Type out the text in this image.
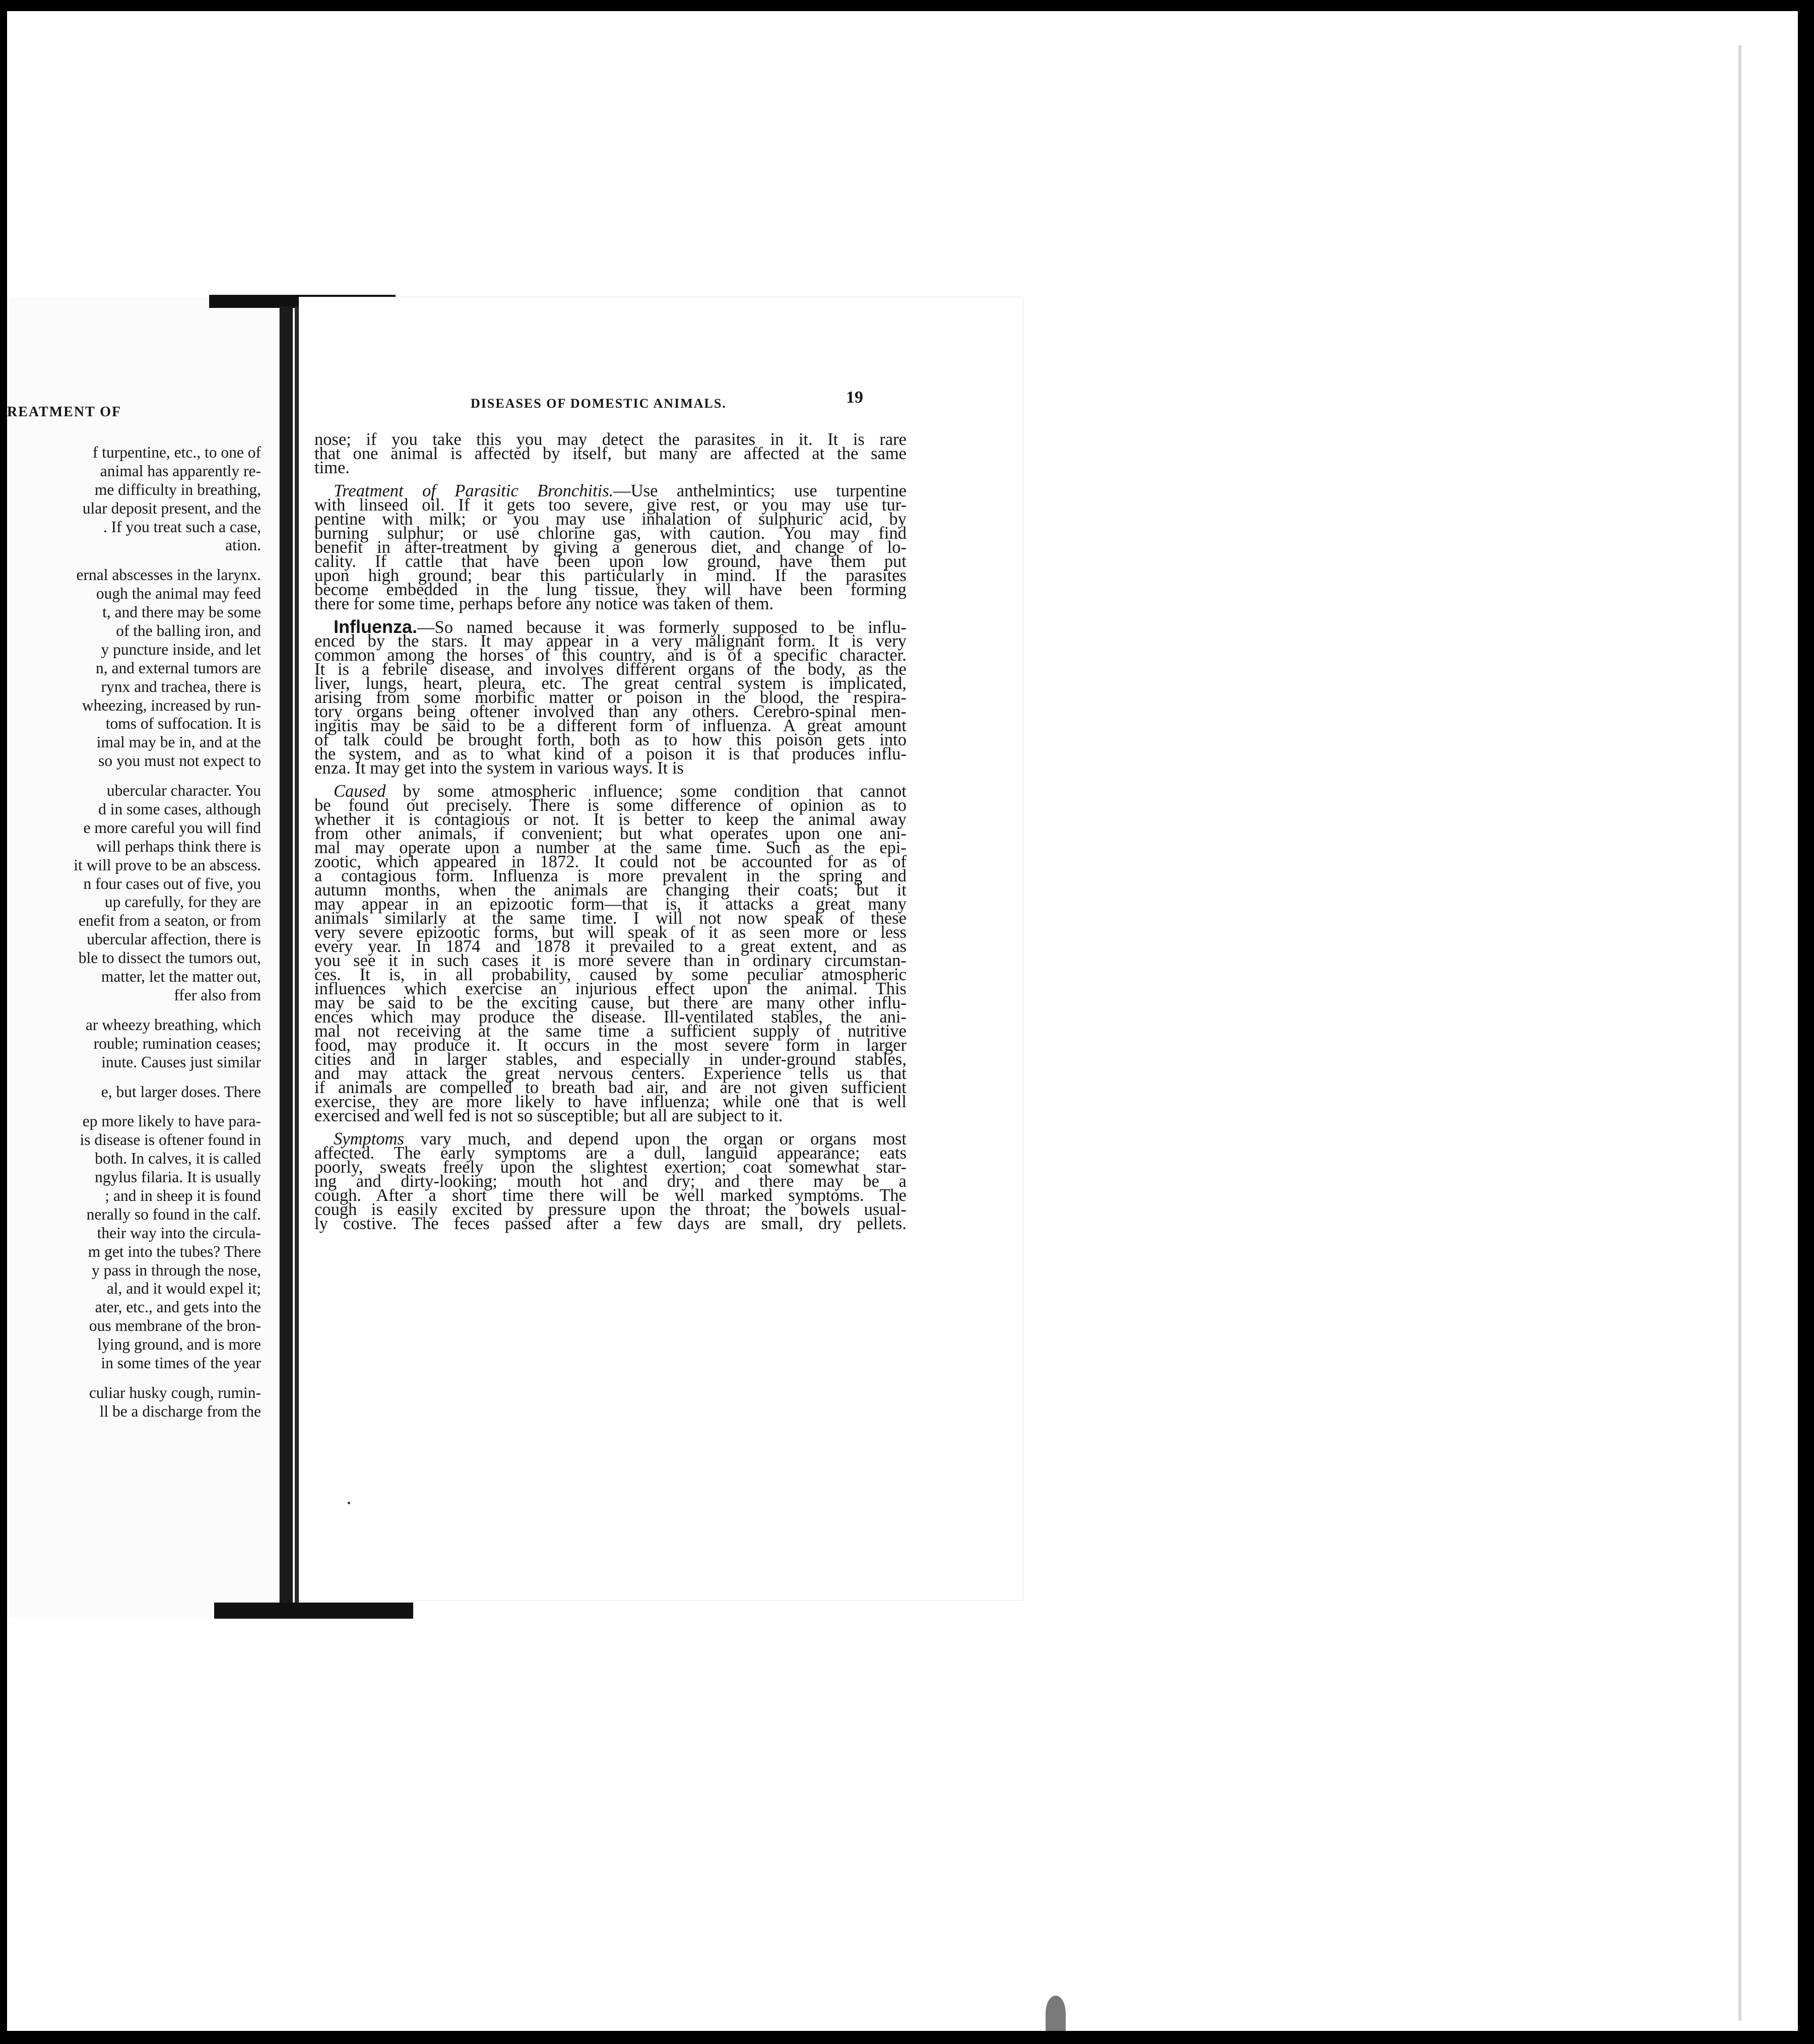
REATMENT OF
f turpentine, etc., to one of
animal has apparently re-
me difficulty in breathing,
ular deposit present, and the
. If you treat such a case,
ation.
ernal abscesses in the larynx.
ough the animal may feed
t, and there may be some
of the balling iron, and
y puncture inside, and let
n, and external tumors are
rynx and trachea, there is
wheezing, increased by run-
toms of suffocation. It is
imal may be in, and at the
so you must not expect to
ubercular character. You
d in some cases, although
e more careful you will find
will perhaps think there is
it will prove to be an abscess.
n four cases out of five, you
up carefully, for they are
enefit from a seaton, or from
ubercular affection, there is
ble to dissect the tumors out,
matter, let the matter out,
ffer also from
ar wheezy breathing, which
rouble; rumination ceases;
inute. Causes just similar
e, but larger doses. There
ep more likely to have para-
is disease is oftener found in
both. In calves, it is called
ngylus filaria. It is usually
; and in sheep it is found
nerally so found in the calf.
their way into the circula-
m get into the tubes? There
y pass in through the nose,
al, and it would expel it;
ater, etc., and gets into the
ous membrane of the bron-
lying ground, and is more
in some times of the year
culiar husky cough, rumin-
ll be a discharge from the
DISEASES OF DOMESTIC ANIMALS.	19
nose; if you take this you may detect the parasites in it. It is rare
that one animal is affected by itself, but many are affected at the same
time.
Treatment of Parasitic Bronchitis.—Use anthelmintics; use turpentine
with linseed oil. If it gets too severe, give rest, or you may use tur-
pentine with milk; or you may use inhalation of sulphuric acid, by
burning sulphur; or use chlorine gas, with caution. You may find
benefit in after-treatment by giving a generous diet, and change of lo-
cality. If cattle that have been upon low ground, have them put
upon high ground; bear this particularly in mind. If the parasites
become embedded in the lung tissue, they will have been forming
there for some time, perhaps before any notice was taken of them.
Influenza.—So named because it was formerly supposed to be influ-
enced by the stars. It may appear in a very malignant form. It is very
common among the horses of this country, and is of a specific character.
It is a febrile disease, and involves different organs of the body, as the
liver, lungs, heart, pleura, etc. The great central system is implicated,
arising from some morbific matter or poison in the blood, the respira-
tory organs being oftener involved than any others. Cerebro-spinal men-
ingitis may be said to be a different form of influenza. A great amount
of talk could be brought forth, both as to how this poison gets into
the system, and as to what kind of a poison it is that produces influ-
enza. It may get into the system in various ways. It is
Caused by some atmospheric influence; some condition that cannot
be found out precisely. There is some difference of opinion as to
whether it is contagious or not. It is better to keep the animal away
from other animals, if convenient; but what operates upon one ani-
mal may operate upon a number at the same time. Such as the epi-
zootic, which appeared in 1872. It could not be accounted for as of
a contagious form. Influenza is more prevalent in the spring and
autumn months, when the animals are changing their coats; but it
may appear in an epizootic form—that is, it attacks a great many
animals similarly at the same time. I will not now speak of these
very severe epizootic forms, but will speak of it as seen more or less
every year. In 1874 and 1878 it prevailed to a great extent, and as
you see it in such cases it is more severe than in ordinary circumstan-
ces. It is, in all probability, caused by some peculiar atmospheric
influences which exercise an injurious effect upon the animal. This
may be said to be the exciting cause, but there are many other influ-
ences which may produce the disease. Ill-ventilated stables, the ani-
mal not receiving at the same time a sufficient supply of nutritive
food, may produce it. It occurs in the most severe form in larger
cities and in larger stables, and especially in under-ground stables,
and may attack the great nervous centers. Experience tells us that
if animals are compelled to breath bad air, and are not given sufficient
exercise, they are more likely to have influenza; while one that is well
exercised and well fed is not so susceptible; but all are subject to it.
Symptoms vary much, and depend upon the organ or organs most
affected. The early symptoms are a dull, languid appearance; eats
poorly, sweats freely upon the slightest exertion; coat somewhat star-
ing and dirty-looking; mouth hot and dry; and there may be a
cough. After a short time there will be well marked symptoms. The
cough is easily excited by pressure upon the throat; the bowels usual-
ly costive. The feces passed after a few days are small, dry pellets.
